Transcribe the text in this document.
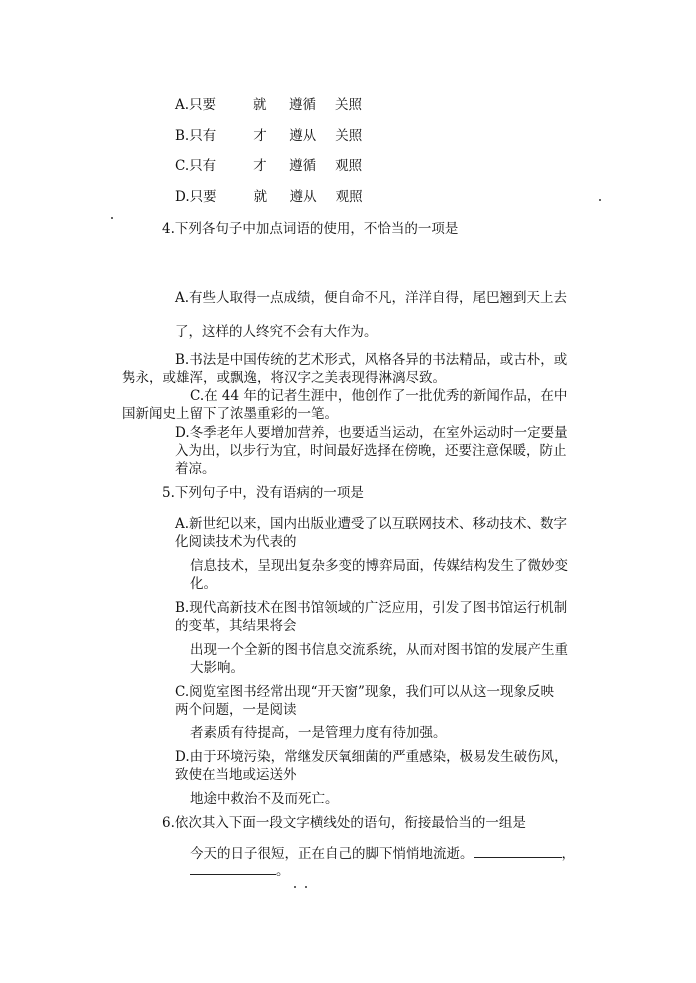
A.只要	就 遵循 关照
B.只有	才 遵从 关照
C.只有	才 遵循 观照
D.只要	就 遵从 观照
4.下列各句子中加点词语的使用，不恰当的一项是
A.有些人取得一点成绩，便自命不凡，洋洋自得，尾巴翘到天上去
了，这样的人终究不会有大作为。
B.书法是中国传统的艺术形式，风格各异的书法精品，或古朴，或
隽永，或雄浑，或飘逸，将汉字之美表现得淋漓尽致。
C.在 44 年的记者生涯中，他创作了一批优秀的新闻作品，在中
国新闻史上留下了浓墨重彩的一笔。
D.冬季老年人要增加营养，也要适当运动，在室外运动时一定要量
入为出，以步行为宜，时间最好选择在傍晚，还要注意保暖，防止
着凉。
5.下列句子中，没有语病的一项是
A.新世纪以来，国内出版业遭受了以互联网技术、移动技术、数字
化阅读技术为代表的
信息技术，呈现出复杂多变的博弈局面，传媒结构发生了微妙变
化。
B.现代高新技术在图书馆领域的广泛应用，引发了图书馆运行机制
的变革，其结果将会
出现一个全新的图书信息交流系统，从而对图书馆的发展产生重
大影响。
C.阅览室图书经常出现“开天窗”现象，我们可以从这一现象反映
两个问题，一是阅读
者素质有待提高，一是管理力度有待加强。
D.由于环境污染，常继发厌氧细菌的严重感染，极易发生破伤风，
致使在当地或运送外
地途中救治不及而死亡。
6.依次其入下面一段文字横线处的语句，衔接最恰当的一组是
今天的日子很短，正在自己的脚下悄悄地流逝。	，
。
